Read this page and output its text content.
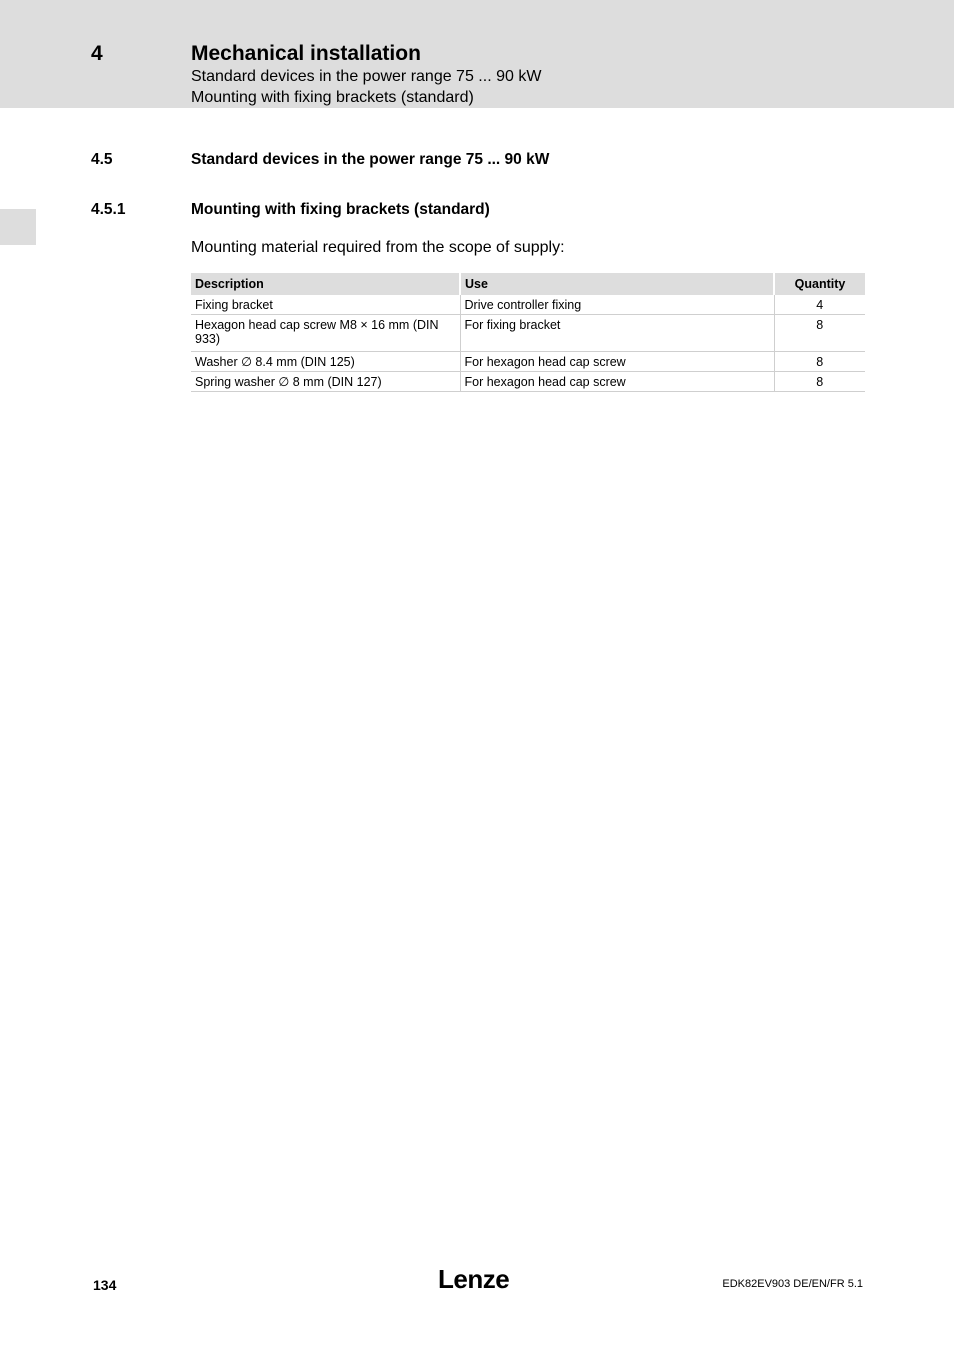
4	Mechanical installation
Standard devices in the power range 75 ... 90 kW
Mounting with fixing brackets (standard)
4.5	Standard devices in the power range 75 ... 90 kW
4.5.1	Mounting with fixing brackets (standard)
Mounting material required from the scope of supply:
Description	Use	Quantity
Fixing bracket	Drive controller fixing	4
Hexagon head cap screw M8 × 16 mm (DIN 933)	For fixing bracket	8
Washer ∅ 8.4 mm (DIN 125)	For hexagon head cap screw	8
Spring washer ∅ 8 mm (DIN 127)	For hexagon head cap screw	8
134	Lenze	EDK82EV903 DE/EN/FR 5.1
